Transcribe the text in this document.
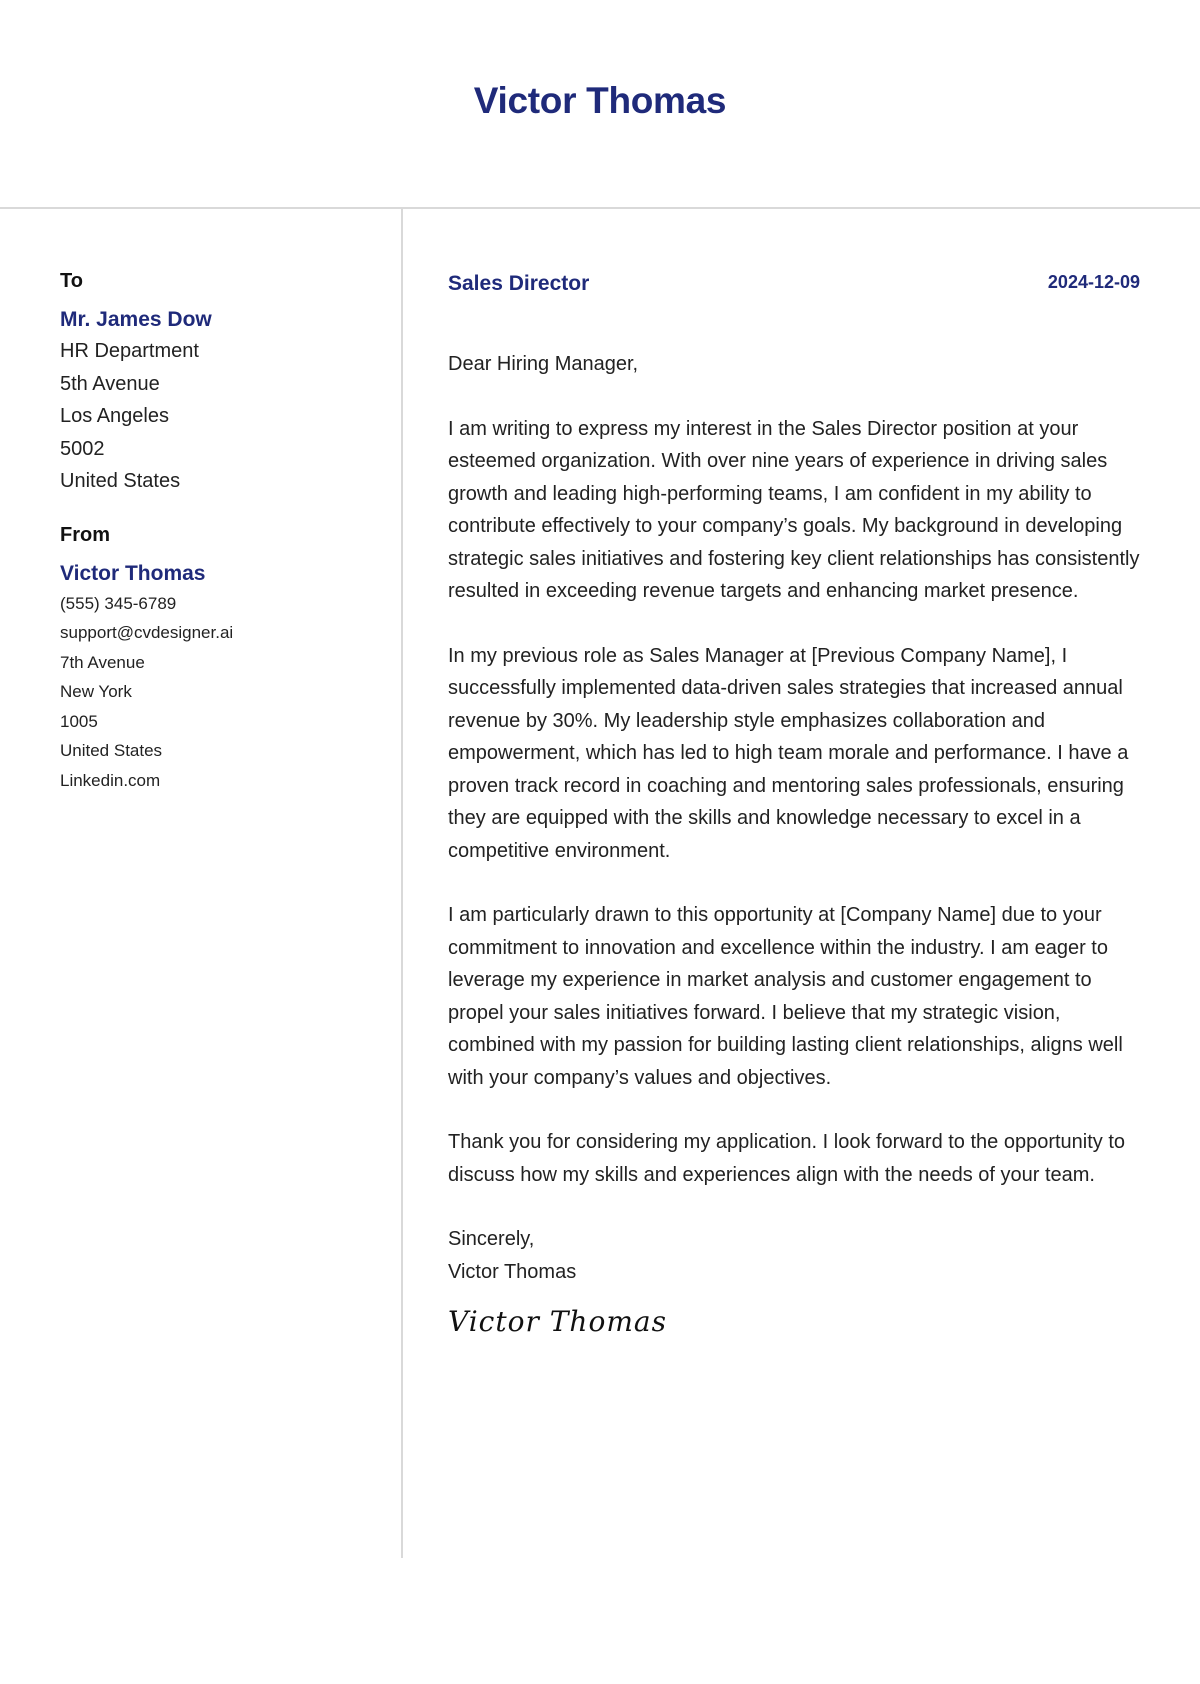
Victor Thomas
To
Mr. James Dow
HR Department
5th Avenue
Los Angeles
5002
United States
From
Victor Thomas
(555) 345-6789
support@cvdesigner.ai
7th Avenue
New York
1005
United States
Linkedin.com
Sales Director	2024-12-09

Dear Hiring Manager,

I am writing to express my interest in the Sales Director position at your esteemed organization. With over nine years of experience in driving sales growth and leading high-performing teams, I am confident in my ability to contribute effectively to your company’s goals. My background in developing strategic sales initiatives and fostering key client relationships has consistently resulted in exceeding revenue targets and enhancing market presence.

In my previous role as Sales Manager at [Previous Company Name], I successfully implemented data-driven sales strategies that increased annual revenue by 30%. My leadership style emphasizes collaboration and empowerment, which has led to high team morale and performance. I have a proven track record in coaching and mentoring sales professionals, ensuring they are equipped with the skills and knowledge necessary to excel in a competitive environment.

I am particularly drawn to this opportunity at [Company Name] due to your commitment to innovation and excellence within the industry. I am eager to leverage my experience in market analysis and customer engagement to propel your sales initiatives forward. I believe that my strategic vision, combined with my passion for building lasting client relationships, aligns well with your company’s values and objectives.

Thank you for considering my application. I look forward to the opportunity to discuss how my skills and experiences align with the needs of your team.

Sincerely,
Victor Thomas
Victor Thomas
